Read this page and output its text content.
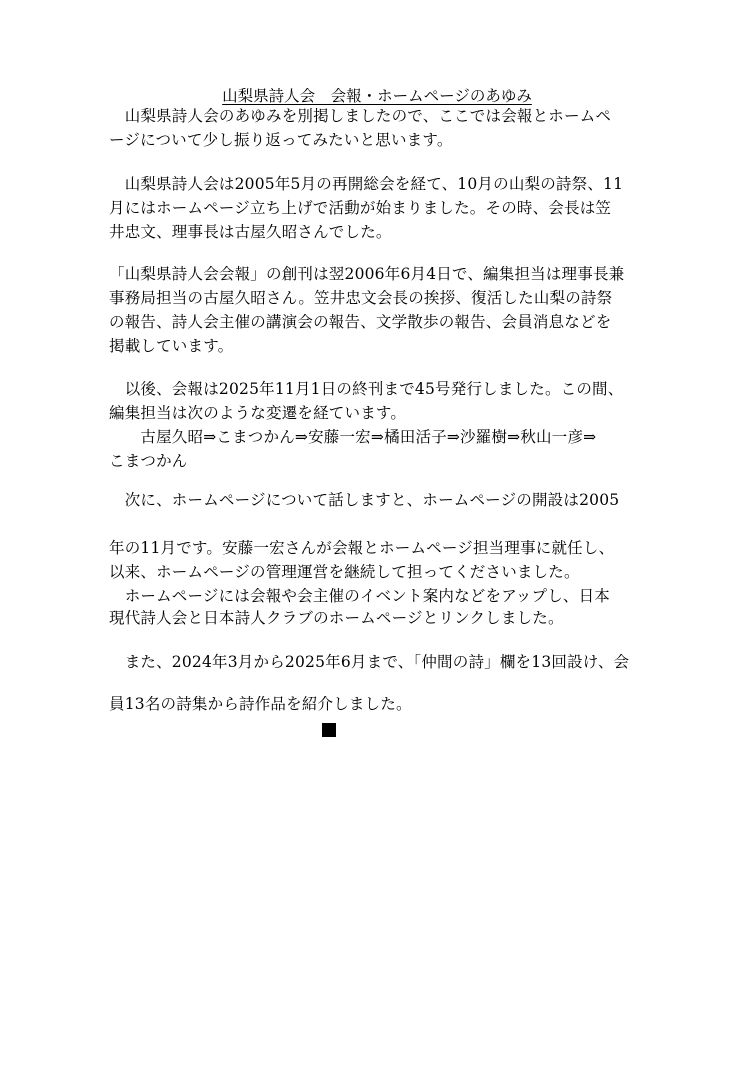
山梨県詩人会　会報・ホームページのあゆみ
　山梨県詩人会のあゆみを別掲しましたので、ここでは会報とホームペ
ージについて少し振り返ってみたいと思います。
　山梨県詩人会は2005年5月の再開総会を経て、10月の山梨の詩祭、11
月にはホームページ立ち上げで活動が始まりました。その時、会長は笠
井忠文、理事長は古屋久昭さんでした。
「山梨県詩人会会報」の創刊は翌2006年6月4日で、編集担当は理事長兼
事務局担当の古屋久昭さん。笠井忠文会長の挨拶、復活した山梨の詩祭
の報告、詩人会主催の講演会の報告、文学散歩の報告、会員消息などを
掲載しています。
　以後、会報は2025年11月1日の終刊まで45号発行しました。この間、
編集担当は次のような変遷を経ています。
　　古屋久昭⇒こまつかん⇒安藤一宏⇒橘田活子⇒沙羅樹⇒秋山一彦⇒
こまつかん
　次に、ホームページについて話しますと、ホームページの開設は2005
年の11月です。安藤一宏さんが会報とホームページ担当理事に就任し、
以来、ホームページの管理運営を継続して担ってくださいました。
　ホームページには会報や会主催のイベント案内などをアップし、日本
現代詩人会と日本詩人クラブのホームページとリンクしました。
　また、2024年3月から2025年6月まで、「仲間の詩」欄を13回設け、会
員13名の詩集から詩作品を紹介しました。
